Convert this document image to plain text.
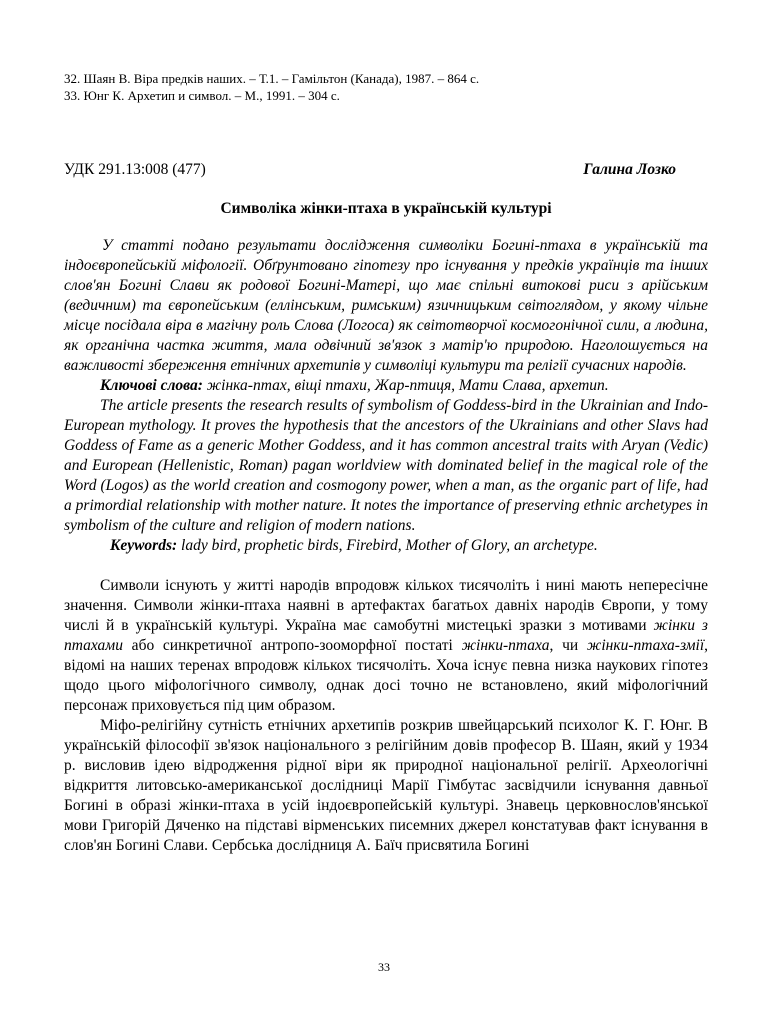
32. Шаян В. Віра предків наших. – Т.1. – Гамільтон (Канада), 1987. – 864 с.
33. Юнг К. Архетип и символ. – М., 1991. – 304 с.
УДК 291.13:008 (477)	Галина Лозко
Символіка жінки-птаха в українській культурі
У статті подано результати дослідження символіки Богині-птаха в українській та індоєвропейській міфології. Обґрунтовано гіпотезу про існування у предків українців та інших слов'ян Богині Слави як родової Богині-Матері, що має спільні витокові риси з арійським (ведичним) та європейським (еллінським, римським) язичницьким світоглядом, у якому чільне місце посідала віра в магічну роль Слова (Логоса) як світотворчої космогонічної сили, а людина, як органічна частка життя, мала одвічний зв'язок з матір'ю природою. Наголошується на важливості збереження етнічних архетипів у символіці культури та релігії сучасних народів.
Ключові слова: жінка-птах, віщі птахи, Жар-птиця, Мати Слава, архетип.
The article presents the research results of symbolism of Goddess-bird in the Ukrainian and Indo-European mythology. It proves the hypothesis that the ancestors of the Ukrainians and other Slavs had Goddess of Fame as a generic Mother Goddess, and it has common ancestral traits with Aryan (Vedic) and European (Hellenistic, Roman) pagan worldview with dominated belief in the magical role of the Word (Logos) as the world creation and cosmogony power, when a man, as the organic part of life, had a primordial relationship with mother nature. It notes the importance of preserving ethnic archetypes in symbolism of the culture and religion of modern nations.
Keywords: lady bird, prophetic birds, Firebird, Mother of Glory, an archetype.

Символи існують у житті народів впродовж кількох тисячоліть і нині мають непересічне значення. Символи жінки-птаха наявні в артефактах багатьох давніх народів Європи, у тому числі й в українській культурі. Україна має самобутні мистецькі зразки з мотивами жінки з птахами або синкретичної антропо-зооморфної постаті жінки-птаха, чи жінки-птаха-змії, відомі на наших теренах впродовж кількох тисячоліть. Хоча існує певна низка наукових гіпотез щодо цього міфологічного символу, однак досі точно не встановлено, який міфологічний персонаж приховується під цим образом.

Міфо-релігійну сутність етнічних архетипів розкрив швейцарський психолог К. Г. Юнг. В українській філософії зв'язок національного з релігійним довів професор В. Шаян, який у 1934 р. висловив ідею відродження рідної віри як природної національної релігії. Археологічні відкриття литовсько-американської дослідниці Марії Гімбутас засвідчили існування давньої Богині в образі жінки-птаха в усій індоєвропейській культурі. Знавець церковнослов'янської мови Григорій Дяченко на підставі вірменських писемних джерел констатував факт існування в слов'ян Богині Слави. Сербська дослідниця А. Баїч присвятила Богині

33
